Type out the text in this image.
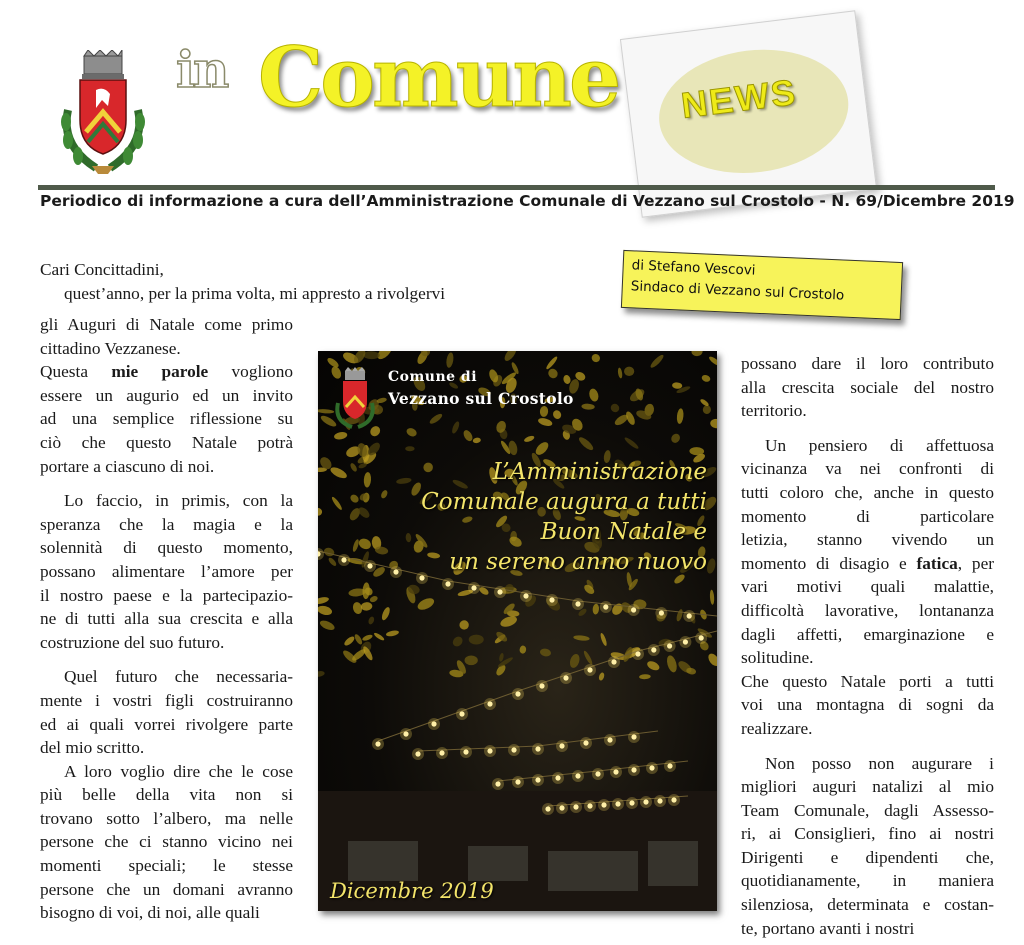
in Comune NEWS
Periodico di informazione a cura dell’Amministrazione Comunale di Vezzano sul Crostolo - N. 69/Dicembre 2019
di Stefano Vescovi
Sindaco di Vezzano sul Crostolo
Cari Concittadini,
quest’anno, per la prima volta, mi appresto a rivolgervi
gli Auguri di Natale come primo
cittadino Vezzanese.
Questa mie parole vogliono
essere un augurio ed un invito
ad una semplice riflessione su
ciò che questo Natale potrà
portare a ciascuno di noi.
Lo faccio, in primis, con la
speranza che la magia e la
solennità di questo momento,
possano alimentare l’amore per
il nostro paese e la partecipazio-
ne di tutti alla sua crescita e alla
costruzione del suo futuro.
Quel futuro che necessaria-
mente i vostri figli costruiranno
ed ai quali vorrei rivolgere parte
del mio scritto.
A loro voglio dire che le cose
più belle della vita non si
trovano sotto l’albero, ma nelle
persone che ci stanno vicino nei
momenti speciali; le stesse
persone che un domani avranno
bisogno di voi, di noi, alle quali
possano dare il loro contributo
alla crescita sociale del nostro
territorio.
Un pensiero di affettuosa
vicinanza va nei confronti di
tutti coloro che, anche in questo
momento di particolare
letizia, stanno vivendo un
momento di disagio e fatica, per
vari motivi quali malattie,
difficoltà lavorative, lontananza
dagli affetti, emarginazione e
solitudine.
Che questo Natale porti a tutti
voi una montagna di sogni da
realizzare.
Non posso non augurare i
migliori auguri natalizi al mio
Team Comunale, dagli Assesso-
ri, ai Consiglieri, fino ai nostri
Dirigenti e dipendenti che,
quotidianamente, in maniera
silenziosa, determinata e costan-
te, portano avanti i nostri
Comune di
Vezzano sul Crostolo
L’Amministrazione
Comunale augura a tutti
Buon Natale e
un sereno anno nuovo
Dicembre 2019
